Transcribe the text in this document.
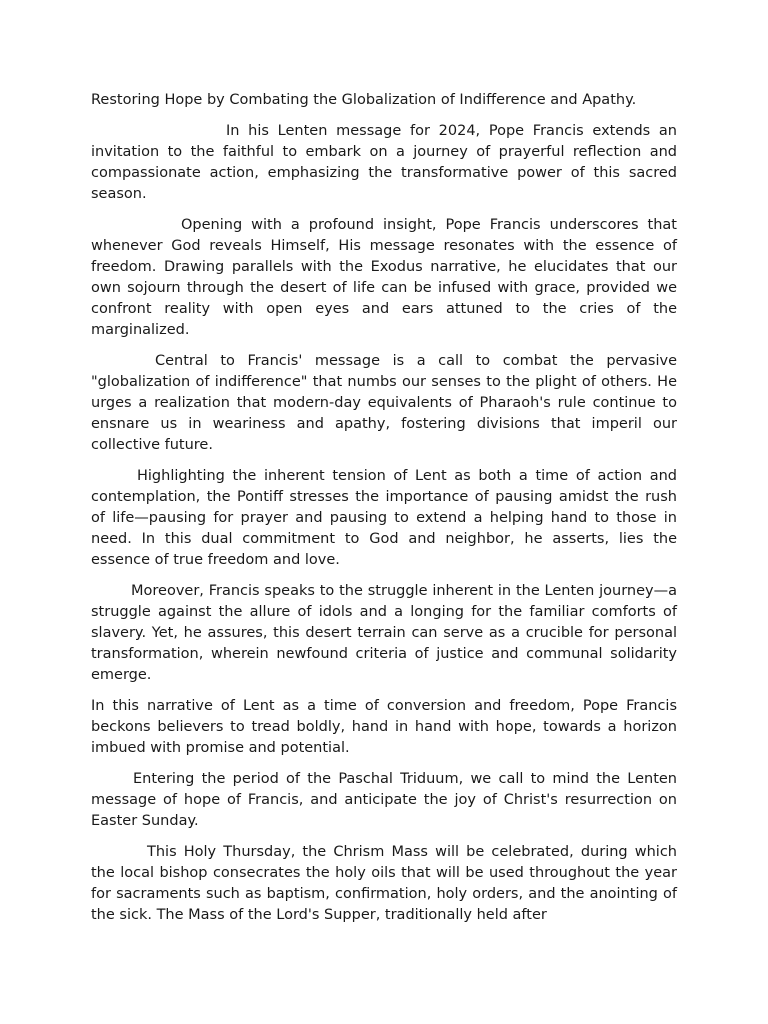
Restoring Hope by Combating the Globalization of Indifference and Apathy.

In his Lenten message for 2024, Pope Francis extends an invitation to the faithful to embark on a journey of prayerful reflection and compassionate action, emphasizing the transformative power of this sacred season.

Opening with a profound insight, Pope Francis underscores that whenever God reveals Himself, His message resonates with the essence of freedom. Drawing parallels with the Exodus narrative, he elucidates that our own sojourn through the desert of life can be infused with grace, provided we confront reality with open eyes and ears attuned to the cries of the marginalized.

Central to Francis' message is a call to combat the pervasive "globalization of indifference" that numbs our senses to the plight of others. He urges a realization that modern-day equivalents of Pharaoh's rule continue to ensnare us in weariness and apathy, fostering divisions that imperil our collective future.

Highlighting the inherent tension of Lent as both a time of action and contemplation, the Pontiff stresses the importance of pausing amidst the rush of life—pausing for prayer and pausing to extend a helping hand to those in need. In this dual commitment to God and neighbor, he asserts, lies the essence of true freedom and love.

Moreover, Francis speaks to the struggle inherent in the Lenten journey—a struggle against the allure of idols and a longing for the familiar comforts of slavery. Yet, he assures, this desert terrain can serve as a crucible for personal transformation, wherein newfound criteria of justice and communal solidarity emerge.

In this narrative of Lent as a time of conversion and freedom, Pope Francis beckons believers to tread boldly, hand in hand with hope, towards a horizon imbued with promise and potential.

Entering the period of the Paschal Triduum, we call to mind the Lenten message of hope of Francis, and anticipate the joy of Christ's resurrection on Easter Sunday.

This Holy Thursday, the Chrism Mass will be celebrated, during which the local bishop consecrates the holy oils that will be used throughout the year for sacraments such as baptism, confirmation, holy orders, and the anointing of the sick. The Mass of the Lord's Supper, traditionally held after
